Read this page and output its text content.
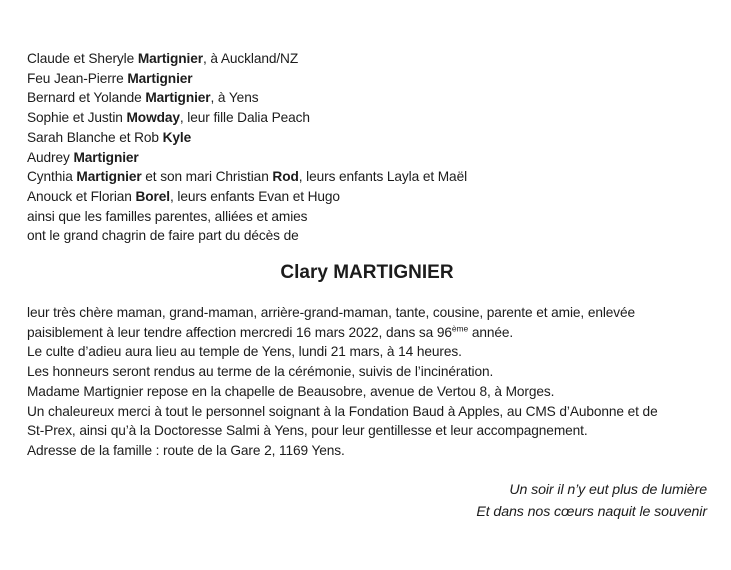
Claude et Sheryle Martignier, à Auckland/NZ
Feu Jean-Pierre Martignier
Bernard et Yolande Martignier, à Yens
Sophie et Justin Mowday, leur fille Dalia Peach
Sarah Blanche et Rob Kyle
Audrey Martignier
Cynthia Martignier et son mari Christian Rod, leurs enfants Layla et Maël
Anouck et Florian Borel, leurs enfants Evan et Hugo
ainsi que les familles parentes, alliées et amies
ont le grand chagrin de faire part du décès de
Clary MARTIGNIER
leur très chère maman, grand-maman, arrière-grand-maman, tante, cousine, parente et amie, enlevée
paisiblement à leur tendre affection mercredi 16 mars 2022, dans sa 96ème année.
Le culte d’adieu aura lieu au temple de Yens, lundi 21 mars, à 14 heures.
Les honneurs seront rendus au terme de la cérémonie, suivis de l’incinération.
Madame Martignier repose en la chapelle de Beausobre, avenue de Vertou 8, à Morges.
Un chaleureux merci à tout le personnel soignant à la Fondation Baud à Apples, au CMS d’Aubonne et de
St-Prex, ainsi qu’à la Doctoresse Salmi à Yens, pour leur gentillesse et leur accompagnement.
Adresse de la famille : route de la Gare 2, 1169 Yens.
Un soir il n’y eut plus de lumière
Et dans nos cœurs naquit le souvenir
